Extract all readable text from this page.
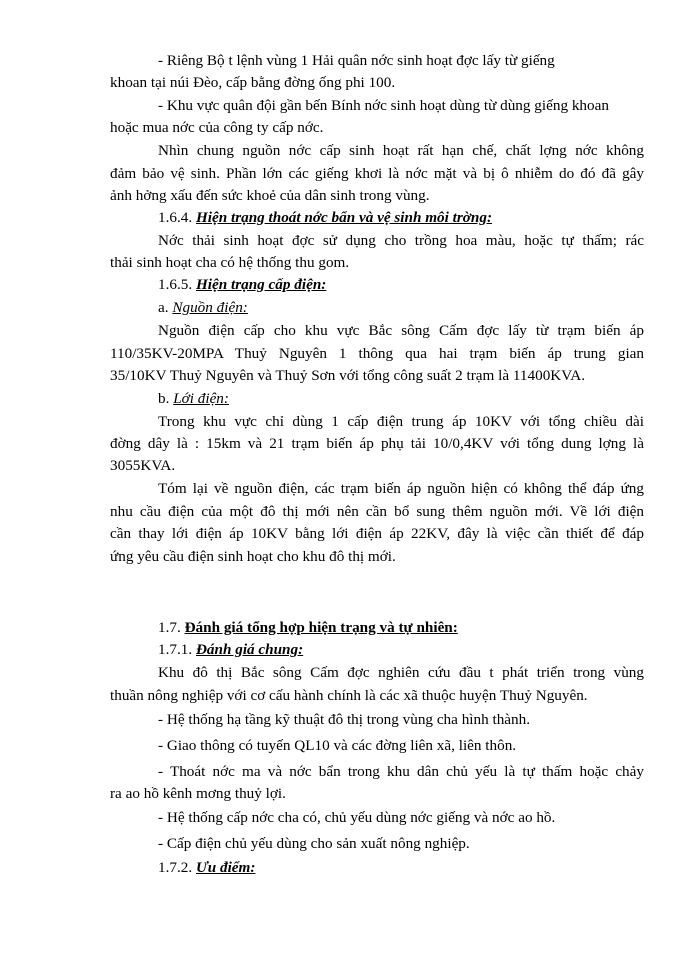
- Riêng Bộ t lệnh vùng 1 Hải quân nớc sinh hoạt đợc lấy từ giếng

khoan tại núi Đèo, cấp bằng đờng ống phi 100.

- Khu vực quân đội gần bến Bính nớc sinh hoạt dùng từ dùng giếng khoan

hoặc mua nớc của công ty cấp nớc.

Nhìn chung nguồn nớc cấp sinh hoạt rất hạn chế, chất lợng nớc không

đảm bảo vệ sinh. Phần lớn các giếng khơi là nớc mặt và bị ô nhiễm do đó đã gây

ảnh hởng xấu đến sức khoẻ của dân sinh trong vùng.

1.6.4. Hiện trạng thoát nớc bẩn và vệ sinh môi trờng:

Nớc thải sinh hoạt đợc sử dụng cho trồng hoa màu, hoặc tự thấm; rác

thải sinh hoạt cha có hệ thống thu gom.

1.6.5. Hiện trạng cấp điện:

a. Nguồn điện:

Nguồn điện cấp cho khu vực Bắc sông Cấm đợc lấy từ trạm biến áp

110/35KV-20MPA Thuỷ Nguyên 1 thông qua hai trạm biến áp trung gian

35/10KV Thuỷ Nguyên và Thuỷ Sơn với tổng công suất 2 trạm là 11400KVA.

b. Lới điện:

Trong khu vực chỉ dùng 1 cấp điện trung áp 10KV với tổng chiều dài

đờng dây là : 15km và 21 trạm biến áp phụ tải 10/0,4KV với tổng dung lợng là

3055KVA.

Tóm lại về nguồn điện, các trạm biến áp nguồn hiện có không thể đáp ứng

nhu cầu điện của một đô thị mới nên cần bổ sung thêm nguồn mới. Về lới điện

cần thay lới điện áp 10KV bằng lới điện áp 22KV, đây là việc cần thiết để đáp

ứng yêu cầu điện sinh hoạt cho khu đô thị mới.

1.7. Đánh giá tổng hợp hiện trạng và tự nhiên:

1.7.1. Đánh giá chung:

Khu đô thị Bắc sông Cấm đợc nghiên cứu đầu t phát triển trong vùng

thuần nông nghiệp với cơ cấu hành chính là các xã thuộc huyện Thuỷ Nguyên.

- Hệ thống hạ tầng kỹ thuật đô thị trong vùng cha hình thành.

- Giao thông có tuyến QL10 và các đờng liên xã, liên thôn.

- Thoát nớc ma và nớc bẩn trong khu dân chủ yếu là tự thấm hoặc chảy

ra ao hồ kênh mơng thuỷ lợi.

- Hệ thống cấp nớc cha có, chủ yếu dùng nớc giếng và nớc ao hồ.

- Cấp điện chủ yếu dùng cho sản xuất nông nghiệp.

1.7.2. Ưu điểm:
